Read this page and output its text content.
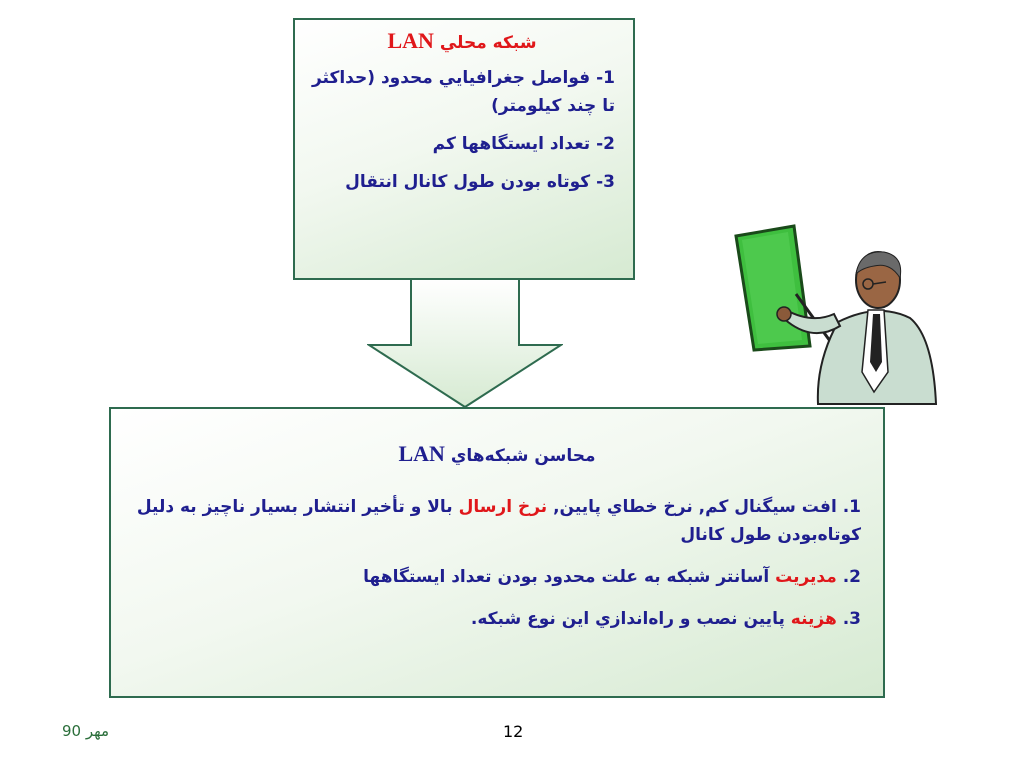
شبكه محلي LAN
1- فواصل جغرافيايي محدود (حداكثر تا چند كيلومتر)
2- تعداد ايستگاهها كم
3- كوتاه بودن طول كانال انتقال
محاسن شبكه‌هاي LAN
1. افت سيگنال كم, نرخ خطاي پايين, نرخ ارسال بالا و تأخير انتشار بسيار ناچيز به دليل كوتاه‌بودن طول كانال
2. مديريت آسانتر شبكه به علت محدود بودن تعداد ايستگاهها
3. هزينه پايين نصب و راه‌اندازي اين نوع شبكه.
مهر 90	12
